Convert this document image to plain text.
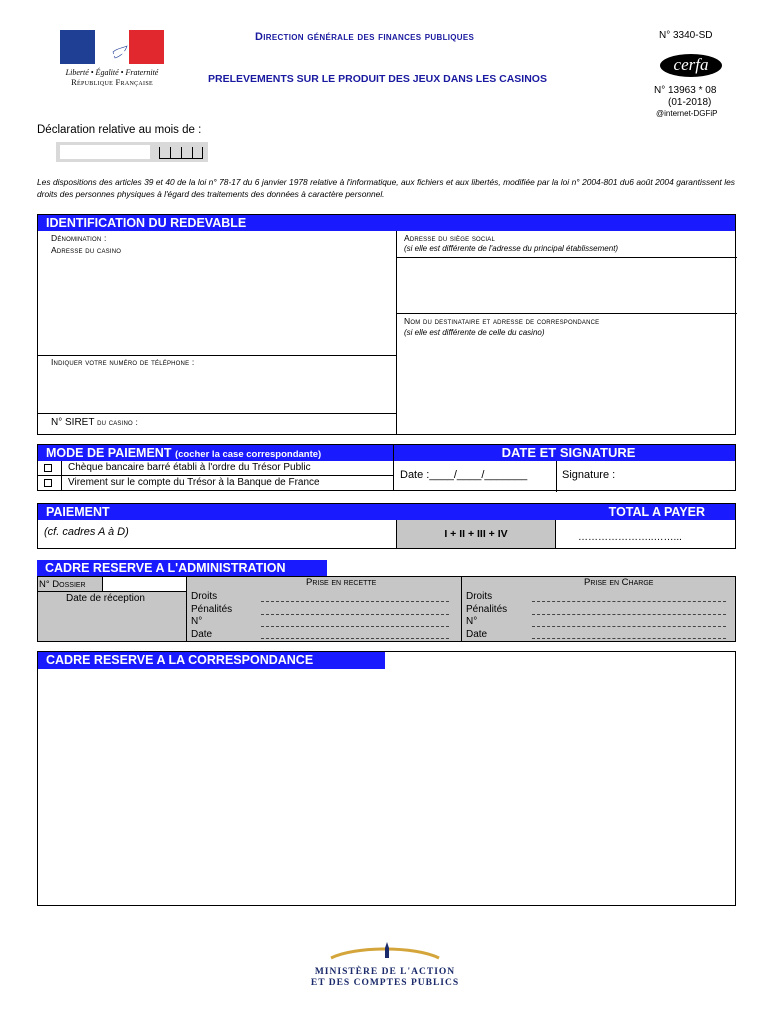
Liberté • Égalité • Fraternité
République Française
Direction générale des finances publiques
PRELEVEMENTS SUR LE PRODUIT DES JEUX DANS LES CASINOS
N° 3340-SD
cerfa
N° 13963 * 08
(01-2018)
@internet-DGFiP
Déclaration relative au mois de :
Les dispositions des articles 39 et 40 de la loi n° 78-17 du 6 janvier 1978 relative à l'informatique, aux fichiers et aux libertés, modifiée par la loi n° 2004-801 du6 août 2004 garantissent les droits des personnes physiques à l'égard des traitements des données à caractère personnel.
IDENTIFICATION DU REDEVABLE
Dénomination :
Adresse du casino
Indiquer votre numéro de téléphone :
N° SIRET du casino :
Adresse du siège social
(si elle est différente de l'adresse du principal établissement)
Nom du destinataire et adresse de correspondance
(si elle est différente de celle du casino)
MODE DE PAIEMENT (cocher la case correspondante)
Chèque bancaire barré établi à l'ordre du Trésor Public
Virement sur le compte du Trésor à la Banque de France
DATE ET SIGNATURE
Date :____/____/_______	Signature :
PAIEMENT	TOTAL A PAYER
(cf. cadres A à D)	I + II + III + IV	…………………..……...
CADRE RESERVE A L'ADMINISTRATION
N° Dossier
Date de réception
Prise en recette
Droits
Pénalités
N°
Date
Prise en Charge
Droits
Pénalités
N°
Date
CADRE RESERVE A LA CORRESPONDANCE
MINISTÈRE DE L'ACTION
ET DES COMPTES PUBLICS
